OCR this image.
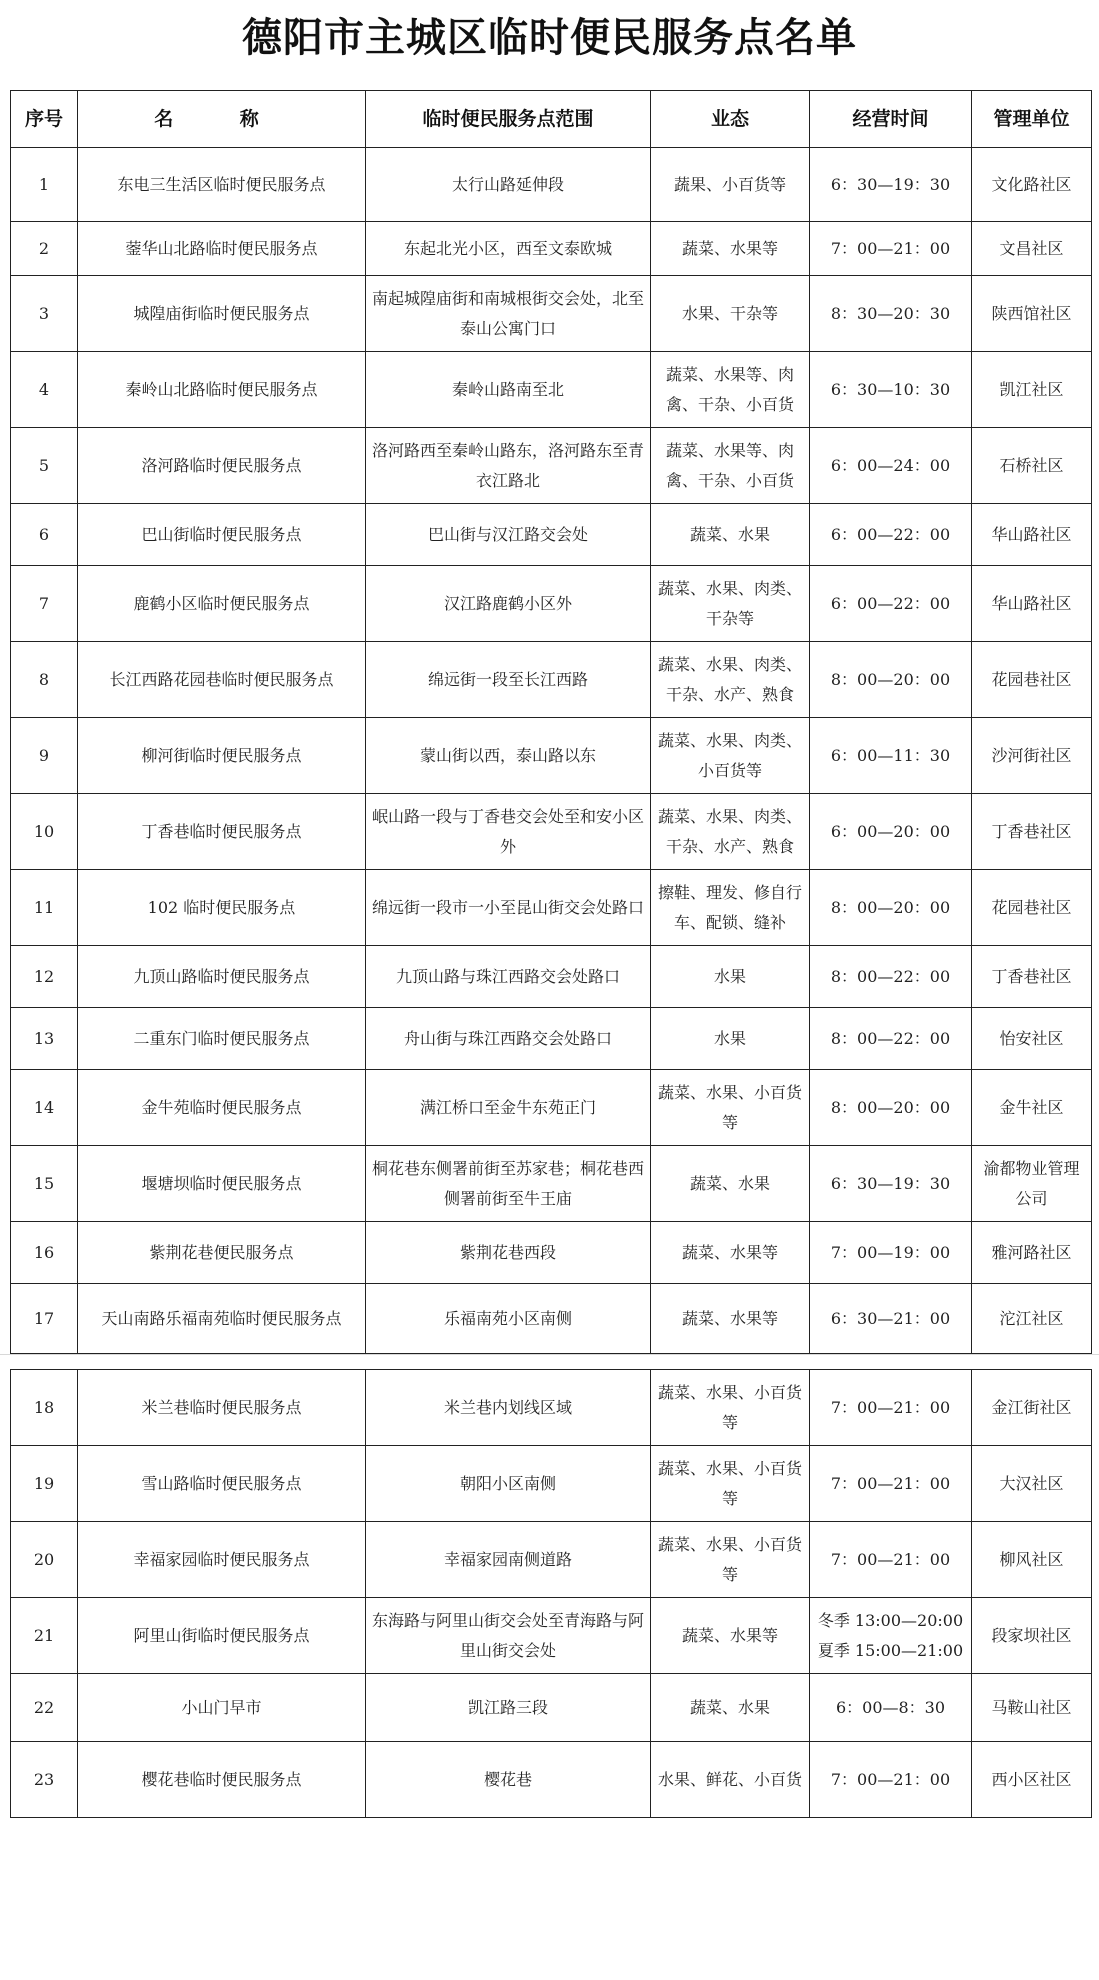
德阳市主城区临时便民服务点名单
序号	名 称	临时便民服务点范围	业态	经营时间	管理单位
1	东电三生活区临时便民服务点	太行山路延伸段	蔬果、小百货等	6：30—19：30	文化路社区
2	蓥华山北路临时便民服务点	东起北光小区，西至文泰欧城	蔬菜、水果等	7：00—21：00	文昌社区
3	城隍庙街临时便民服务点	南起城隍庙街和南城根街交会处，北至泰山公寓门口	水果、干杂等	8：30—20：30	陕西馆社区
4	秦岭山北路临时便民服务点	秦岭山路南至北	蔬菜、水果等、肉禽、干杂、小百货	6：30—10：30	凯江社区
5	洛河路临时便民服务点	洛河路西至秦岭山路东，洛河路东至青衣江路北	蔬菜、水果等、肉禽、干杂、小百货	6：00—24：00	石桥社区
6	巴山街临时便民服务点	巴山街与汉江路交会处	蔬菜、水果	6：00—22：00	华山路社区
7	鹿鹤小区临时便民服务点	汉江路鹿鹤小区外	蔬菜、水果、肉类、干杂等	6：00—22：00	华山路社区
8	长江西路花园巷临时便民服务点	绵远街一段至长江西路	蔬菜、水果、肉类、干杂、水产、熟食	8：00—20：00	花园巷社区
9	柳河街临时便民服务点	蒙山街以西，泰山路以东	蔬菜、水果、肉类、小百货等	6：00—11：30	沙河街社区
10	丁香巷临时便民服务点	岷山路一段与丁香巷交会处至和安小区外	蔬菜、水果、肉类、干杂、水产、熟食	6：00—20：00	丁香巷社区
11	102 临时便民服务点	绵远街一段市一小至昆山街交会处路口	擦鞋、理发、修自行车、配锁、缝补	8：00—20：00	花园巷社区
12	九顶山路临时便民服务点	九顶山路与珠江西路交会处路口	水果	8：00—22：00	丁香巷社区
13	二重东门临时便民服务点	舟山街与珠江西路交会处路口	水果	8：00—22：00	怡安社区
14	金牛苑临时便民服务点	满江桥口至金牛东苑正门	蔬菜、水果、小百货等	8：00—20：00	金牛社区
15	堰塘坝临时便民服务点	桐花巷东侧署前街至苏家巷；桐花巷西侧署前街至牛王庙	蔬菜、水果	6：30—19：30	渝都物业管理公司
16	紫荆花巷便民服务点	紫荆花巷西段	蔬菜、水果等	7：00—19：00	雅河路社区
17	天山南路乐福南苑临时便民服务点	乐福南苑小区南侧	蔬菜、水果等	6：30—21：00	沱江社区
18	米兰巷临时便民服务点	米兰巷内划线区域	蔬菜、水果、小百货等	7：00—21：00	金江街社区
19	雪山路临时便民服务点	朝阳小区南侧	蔬菜、水果、小百货等	7：00—21：00	大汉社区
20	幸福家园临时便民服务点	幸福家园南侧道路	蔬菜、水果、小百货等	7：00—21：00	柳风社区
21	阿里山街临时便民服务点	东海路与阿里山街交会处至青海路与阿里山街交会处	蔬菜、水果等	冬季 13:00—20:00 夏季 15:00—21:00	段家坝社区
22	小山门早市	凯江路三段	蔬菜、水果	6：00—8：30	马鞍山社区
23	樱花巷临时便民服务点	樱花巷	水果、鲜花、小百货	7：00—21：00	西小区社区
